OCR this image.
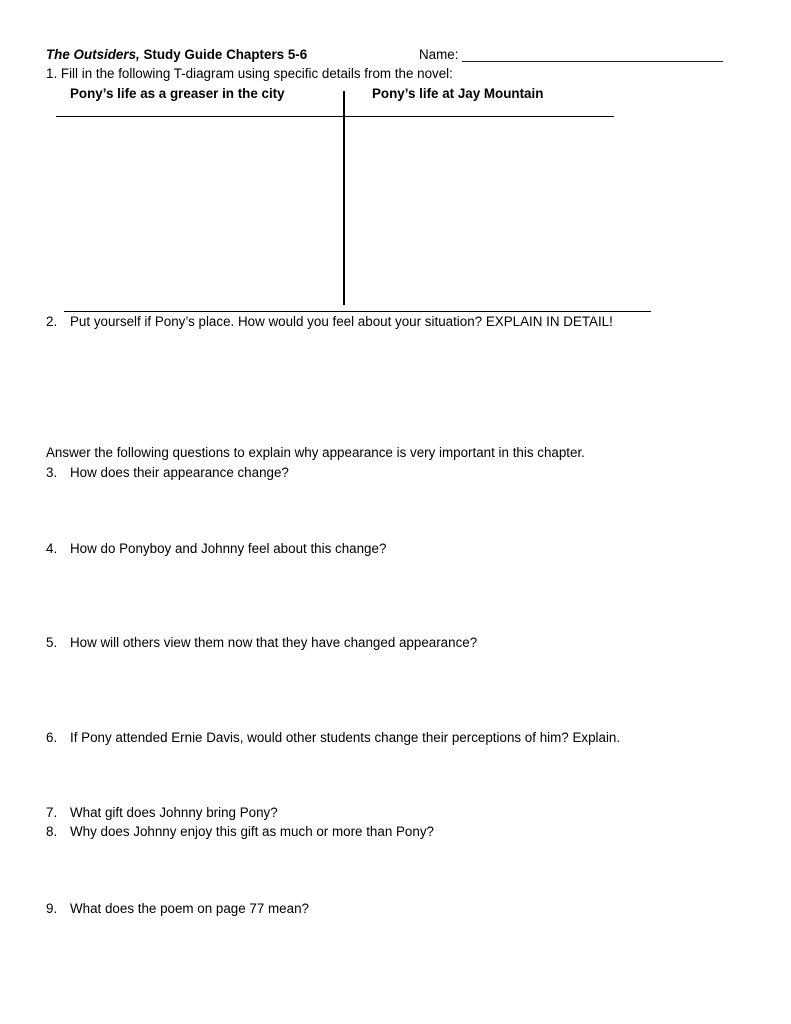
The Outsiders, Study Guide Chapters 5-6	Name: ___________________________________
1. Fill in the following T-diagram using specific details from the novel:
Pony’s life as a greaser in the city	Pony’s life at Jay Mountain
2. Put yourself if Pony’s place. How would you feel about your situation? EXPLAIN IN DETAIL!
Answer the following questions to explain why appearance is very important in this chapter.
3. How does their appearance change?
4. How do Ponyboy and Johnny feel about this change?
5. How will others view them now that they have changed appearance?
6. If Pony attended Ernie Davis, would other students change their perceptions of him? Explain.
7. What gift does Johnny bring Pony?
8. Why does Johnny enjoy this gift as much or more than Pony?
9. What does the poem on page 77 mean?
